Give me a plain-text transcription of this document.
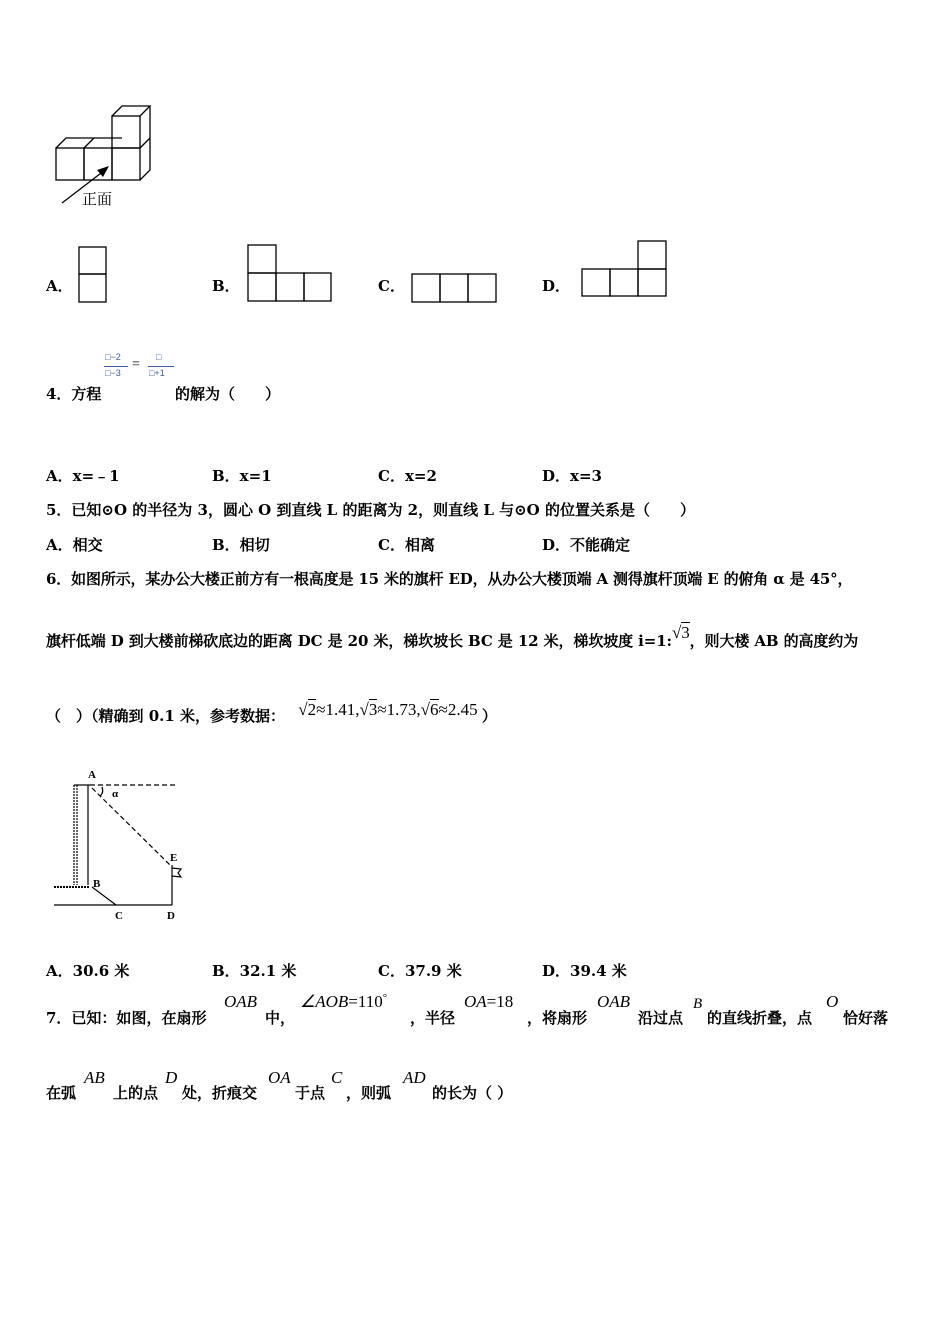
正面
A．	B．	C．	D．
4．方程
□−2
□−3
= □
□+1
的解为（　　）
A．x=﹣1	B．x=1	C．x=2	D．x=3
5．已知⊙O 的半径为 3，圆心 O 到直线 L 的距离为 2，则直线 L 与⊙O 的位置关系是（　　）
A．相交	B．相切	C．相离	D．不能确定
6．如图所示，某办公大楼正前方有一根高度是 15 米的旗杆 ED，从办公大楼顶端 A 测得旗杆顶端 E 的俯角 α 是 45°，
旗杆低端 D 到大楼前梯砍底边的距离 DC 是 20 米，梯坎坡长 BC 是 12 米，梯坎坡度 i=1:√3，则大楼 AB 的高度约为
（　）（精确到 0.1 米，参考数据： √2≈1.41,√3≈1.73,√6≈2.45 ）
A
α
E
B
C	D
A．30.6 米	B．32.1 米	C．37.9 米	D．39.4 米
7．已知：如图，在扇形
OAB
中，
∠AOB=110°
，半径
OA=18
，将扇形
OAB
沿过点
B
的直线折叠，点
O
恰好落
在弧
AB
上的点
D
处，折痕交
OA
于点
C
，则弧
AD
的长为（ ）
